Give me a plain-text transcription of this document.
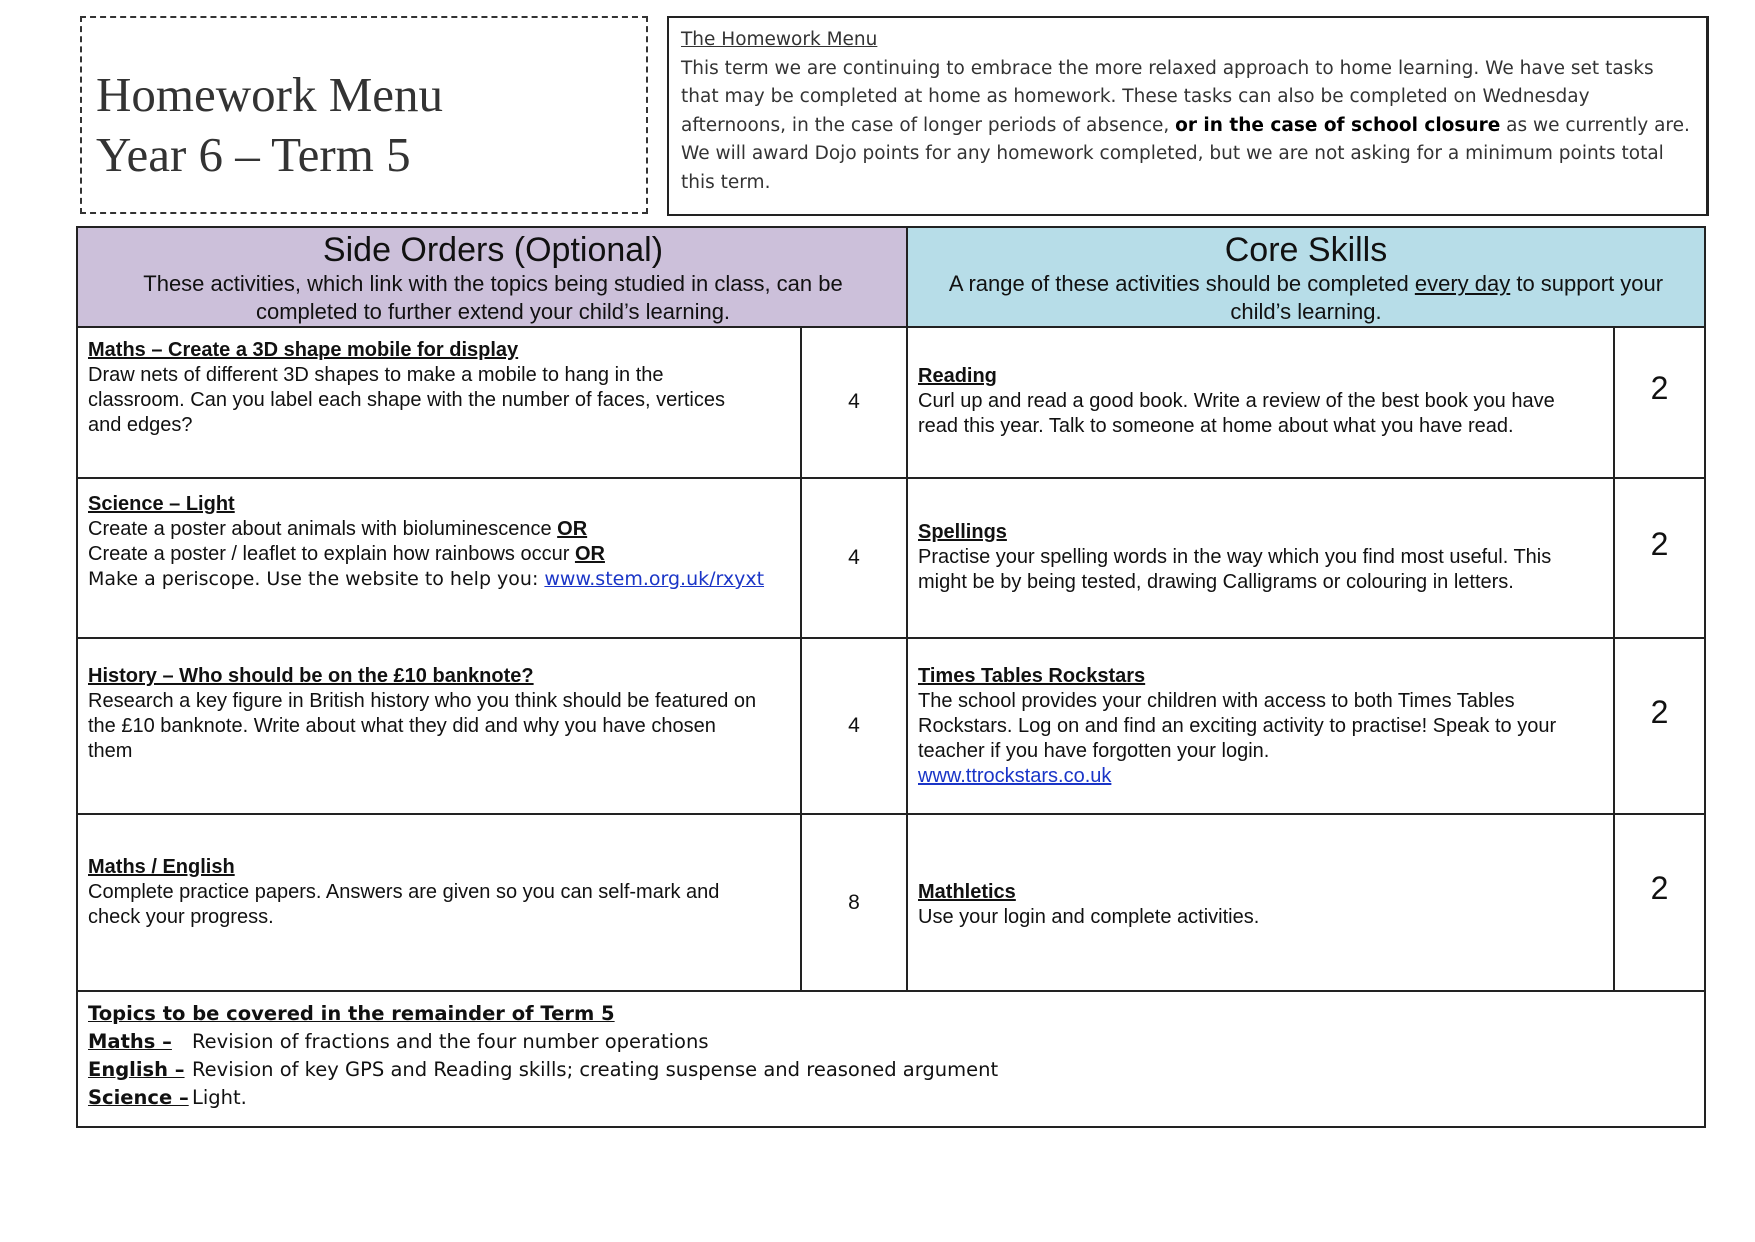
Homework Menu
Year 6 – Term 5
The Homework Menu
This term we are continuing to embrace the more relaxed approach to home learning. We have set tasks
that may be completed at home as homework. These tasks can also be completed on Wednesday
afternoons, in the case of longer periods of absence, or in the case of school closure as we currently are.
We will award Dojo points for any homework completed, but we are not asking for a minimum points total
this term.
Side Orders (Optional)
These activities, which link with the topics being studied in class, can be
completed to further extend your child’s learning.
Core Skills
A range of these activities should be completed every day to support your
child’s learning.
Maths – Create a 3D shape mobile for display
Draw nets of different 3D shapes to make a mobile to hang in the
classroom. Can you label each shape with the number of faces, vertices
and edges?
4
Science – Light
Create a poster about animals with bioluminescence OR
Create a poster / leaflet to explain how rainbows occur OR
Make a periscope. Use the website to help you: www.stem.org.uk/rxyxt
4
History – Who should be on the £10 banknote?
Research a key figure in British history who you think should be featured on
the £10 banknote. Write about what they did and why you have chosen
them
4
Maths / English
Complete practice papers. Answers are given so you can self-mark and
check your progress.
8
Reading
Curl up and read a good book. Write a review of the best book you have
read this year. Talk to someone at home about what you have read.
2
Spellings
Practise your spelling words in the way which you find most useful. This
might be by being tested, drawing Calligrams or colouring in letters.
2
Times Tables Rockstars
The school provides your children with access to both Times Tables
Rockstars. Log on and find an exciting activity to practise! Speak to your
teacher if you have forgotten your login.
www.ttrockstars.co.uk
2
Mathletics
Use your login and complete activities.
2
Topics to be covered in the remainder of Term 5
Maths – Revision of fractions and the four number operations
English – Revision of key GPS and Reading skills; creating suspense and reasoned argument
Science – Light.
